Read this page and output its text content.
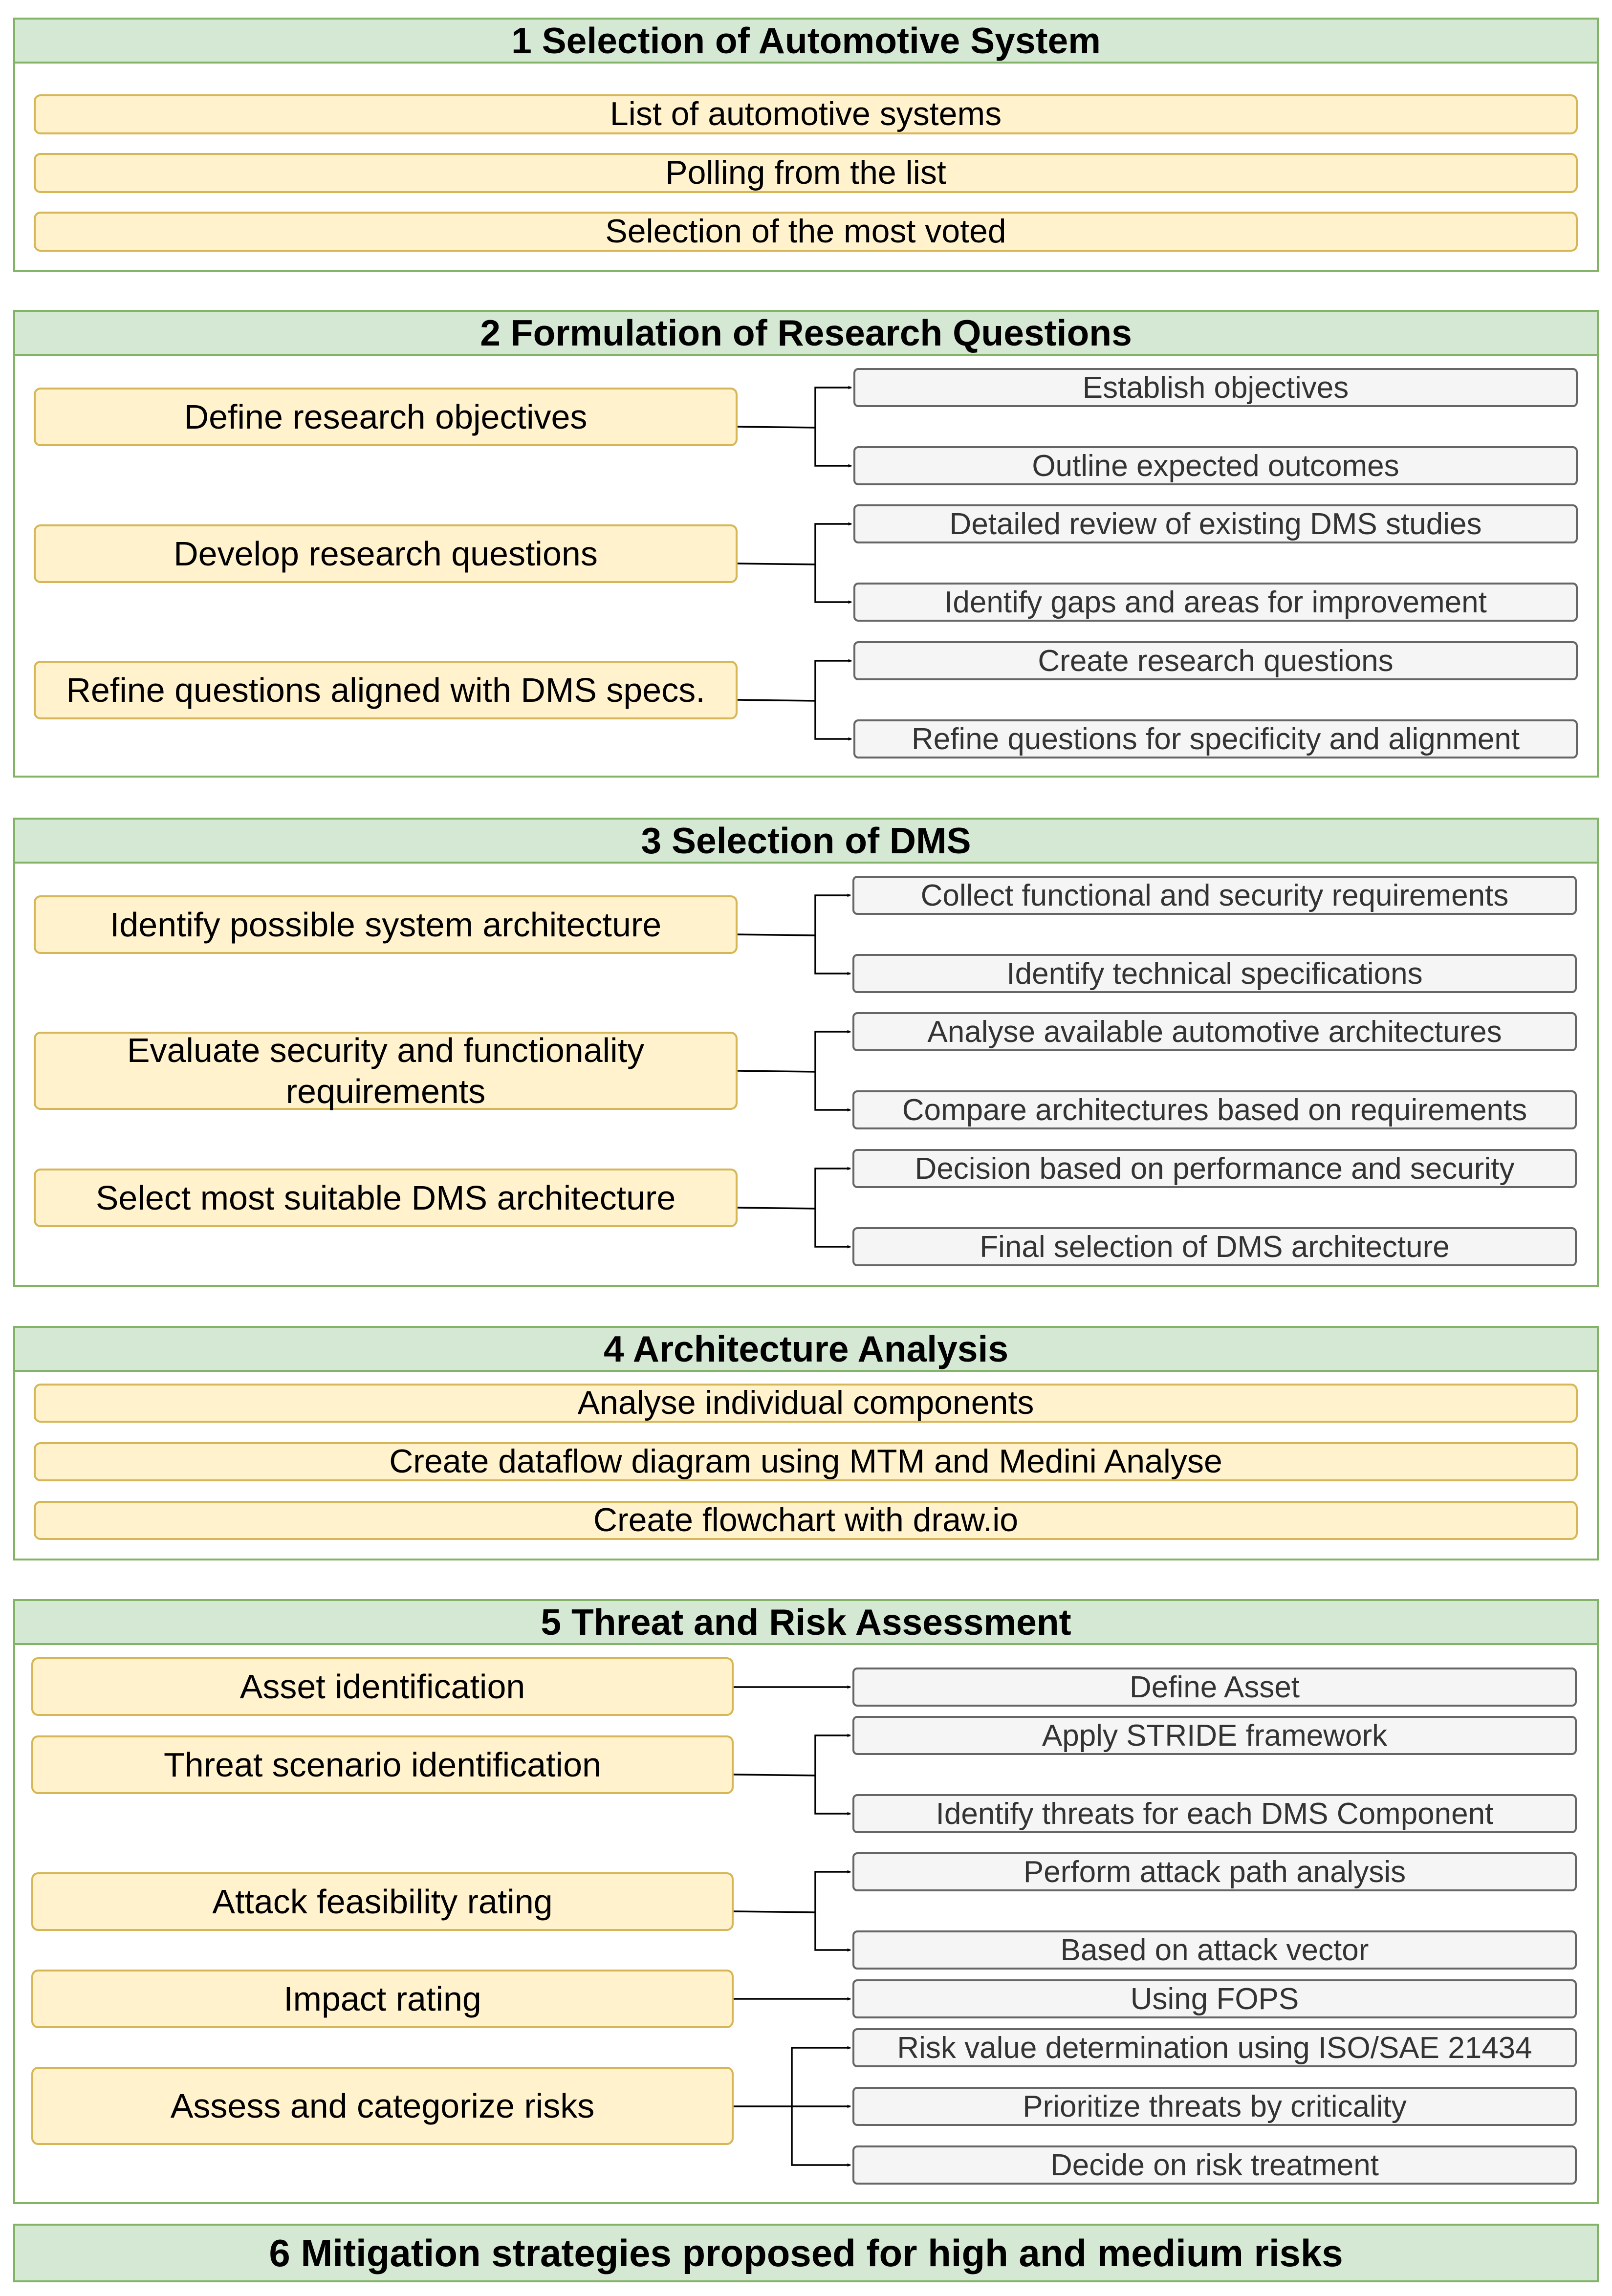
1 Selection of Automotive System
List of automotive systems
Polling from the list
Selection of the most voted
2 Formulation of Research Questions
Define research objectives
Establish objectives
Outline expected outcomes
Develop research questions
Detailed review of existing DMS studies
Identify gaps and areas for improvement
Refine questions aligned with DMS specs.
Create research questions
Refine questions for specificity and alignment
3 Selection of DMS
Identify possible system architecture
Collect functional and security requirements
Identify technical specifications
Evaluate security and functionality requirements
Analyse available automotive architectures
Compare architectures based on requirements
Select most suitable DMS architecture
Decision based on performance and security
Final selection of DMS architecture
4 Architecture Analysis
Analyse individual components
Create dataflow diagram using MTM and Medini Analyse
Create flowchart with draw.io
5 Threat and Risk Assessment
Asset identification	Define Asset
Threat scenario identification
Apply STRIDE framework
Identify threats for each DMS Component
Attack feasibility rating
Perform attack path analysis
Based on attack vector
Impact rating	Using FOPS
Assess and categorize risks
Risk value determination using ISO/SAE 21434
Prioritize threats by criticality
Decide on risk treatment
6 Mitigation strategies proposed for high and medium risks
